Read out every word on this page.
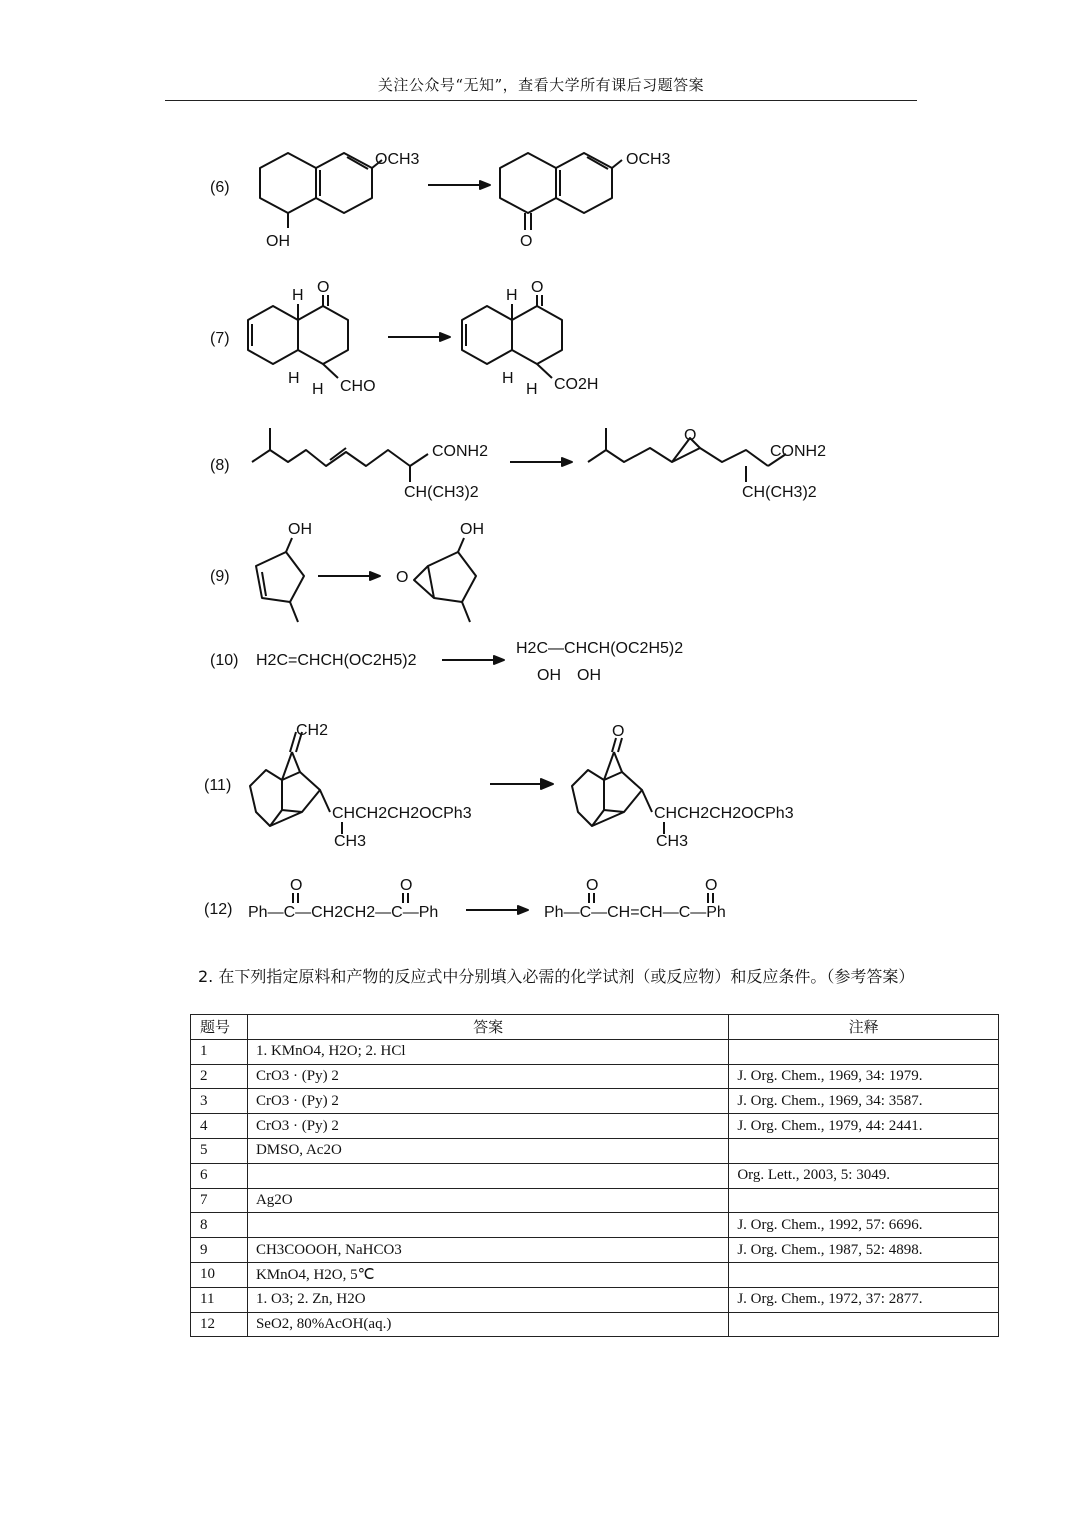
关注公众号“无知”，查看大学所有课后习题答案
(6)
OCH3
OH
OCH3
O
(7)
O
H
H
H CHO
O
H
H
H CO2H
(8)
CONH2
CH(CH3)2
O
CONH2
CH(CH3)2
(9)
OH
O
OH
(10) H2C=CHCH(OC2H5)2
H2C—CHCH(OC2H5)2
OH OH
(11)
CH2
CHCH2CH2OCPh3
CH3
O
CHCH2CH2OCPh3
CH3
(12) Ph—C—CH2CH2—C—Ph
O	O
Ph—C—CH=CH—C—Ph
O	O
2. 在下列指定原料和产物的反应式中分别填入必需的化学试剂（或反应物）和反应条件。（参考答案）
题号	答案	注释
1	1. KMnO4, H2O; 2. HCl	
2	CrO3 · (Py) 2	J. Org. Chem., 1969, 34: 1979.
3	CrO3 · (Py) 2	J. Org. Chem., 1969, 34: 3587.
4	CrO3 · (Py) 2	J. Org. Chem., 1979, 44: 2441.
5	DMSO, Ac2O	
6		Org. Lett., 2003, 5: 3049.
7	Ag2O	
8		J. Org. Chem., 1992, 57: 6696.
9	CH3COOOH, NaHCO3	J. Org. Chem., 1987, 52: 4898.
10	KMnO4, H2O, 5℃	
11	1. O3; 2. Zn, H2O	J. Org. Chem., 1972, 37: 2877.
12	SeO2, 80%AcOH(aq.)	
